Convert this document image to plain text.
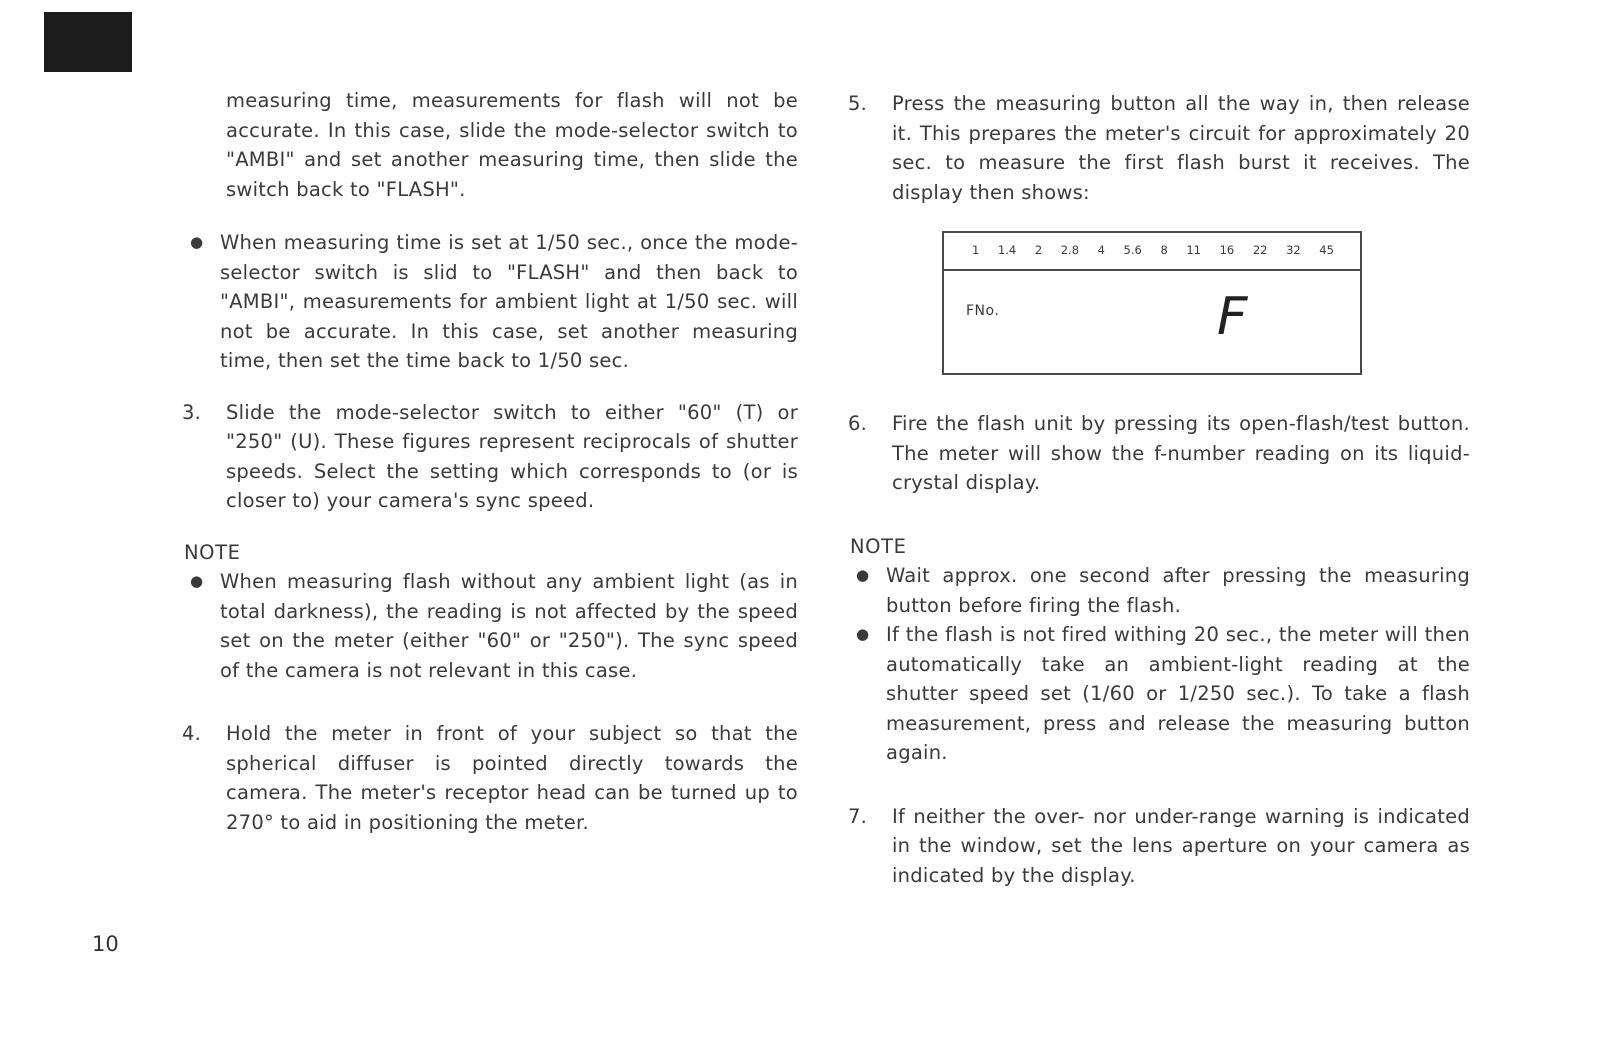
measuring time, measurements for flash will not be accurate. In this case, slide the mode-selector switch to "AMBI" and set another measuring time, then slide the switch back to "FLASH".

● When measuring time is set at 1/50 sec., once the mode-selector switch is slid to "FLASH" and then back to "AMBI", measurements for ambient light at 1/50 sec. will not be accurate. In this case, set another measuring time, then set the time back to 1/50 sec.
3. Slide the mode-selector switch to either "60" (T) or "250" (U). These figures represent reciprocals of shutter speeds. Select the setting which corresponds to (or is closer to) your camera's sync speed.

NOTE

● When measuring flash without any ambient light (as in total darkness), the reading is not affected by the speed set on the meter (either "60" or "250"). The sync speed of the camera is not relevant in this case.
4. Hold the meter in front of your subject so that the spherical diffuser is pointed directly towards the camera. The meter's receptor head can be turned up to 270° to aid in positioning the meter.
5. Press the measuring button all the way in, then release it. This prepares the meter's circuit for approximately 20 sec. to measure the first flash burst it receives. The display then shows:
1 1.4 2 2.8 4 5.6 8 11 16 22 32 45
FNo.	F
6. Fire the flash unit by pressing its open-flash/test button. The meter will show the f-number reading on its liquid-crystal display.

NOTE

● Wait approx. one second after pressing the measuring button before firing the flash.
● If the flash is not fired withing 20 sec., the meter will then automatically take an ambient-light reading at the shutter speed set (1/60 or 1/250 sec.). To take a flash measurement, press and release the measuring button again.
7. If neither the over- nor under-range warning is indicated in the window, set the lens aperture on your camera as indicated by the display.
10
